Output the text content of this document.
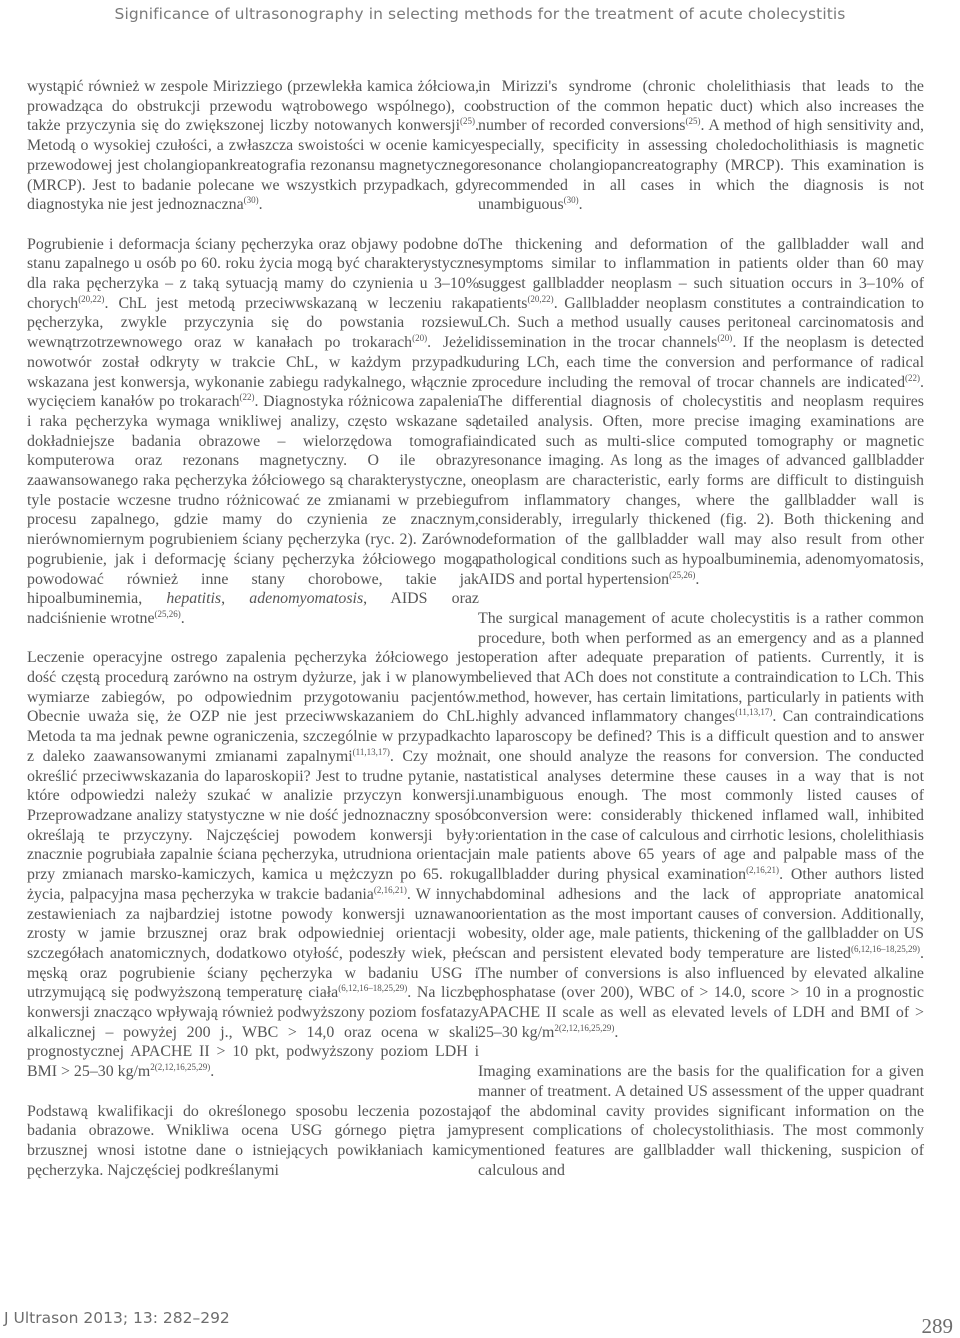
Significance of ultrasonography in selecting methods for the treatment of acute cholecystitis

wystąpić również w zespole Mirizziego (przewlekła kamica żółciowa, prowadząca do obstrukcji przewodu wątrobowego wspólnego), co także przyczynia się do zwiększonej liczby notowanych konwersji$^{(25)}$. Metodą o wysokiej czułości, a zwłaszcza swoistości w ocenie kamicy przewodowej jest cholangiopankreatografia rezonansu magnetycznego (MRCP). Jest to badanie polecane we wszystkich przypadkach, gdy diagnostyka nie jest jednoznaczna$^{(30)}$.

Pogrubienie i deformacja ściany pęcherzyka oraz objawy podobne do stanu zapalnego u osób po 60. roku życia mogą być charakterystyczne dla raka pęcherzyka – z taką sytuacją mamy do czynienia u 3–10% chorych$^{(20,22)}$. ChL jest metodą przeciwwskazaną w leczeniu raka pęcherzyka, zwykle przyczynia się do powstania rozsiewu wewnątrzotrzewnowego oraz w kanałach po trokarach$^{(20)}$. Jeżeli nowotwór został odkryty w trakcie ChL, w każdym przypadku wskazana jest konwersja, wykonanie zabiegu radykalnego, włącznie z wycięciem kanałów po trokarach$^{(22)}$. Diagnostyka różnicowa zapalenia i raka pęcherzyka wymaga wnikliwej analizy, często wskazane są dokładniejsze badania obrazowe – wielorzędowa tomografia komputerowa oraz rezonans magnetyczny. O ile obrazy zaawansowanego raka pęcherzyka żółciowego są charakterystyczne, o tyle postacie wczesne trudno różnicować ze zmianami w przebiegu procesu zapalnego, gdzie mamy do czynienia ze znacznym, nierównomiernym pogrubieniem ściany pęcherzyka (ryc. 2). Zarówno pogrubienie, jak i deformację ściany pęcherzyka żółciowego mogą powodować również inne stany chorobowe, takie jak hipoalbuminemia, hepatitis, adenomyomatosis, AIDS oraz nadciśnienie wrotne$^{(25,26)}$.

Leczenie operacyjne ostrego zapalenia pęcherzyka żółciowego jest dość częstą procedurą zarówno na ostrym dyżurze, jak i w planowym wymiarze zabiegów, po odpowiednim przygotowaniu pacjentów. Obecnie uważa się, że OZP nie jest przeciwwskazaniem do ChL. Metoda ta ma jednak pewne ograniczenia, szczególnie w przypadkach z daleko zaawansowanymi zmianami zapalnymi$^{(11,13,17)}$. Czy można określić przeciwwskazania do laparoskopii? Jest to trudne pytanie, na które odpowiedzi należy szukać w analizie przyczyn konwersji. Przeprowadzane analizy statystyczne w nie dość jednoznaczny sposób określają te przyczyny. Najczęściej powodem konwersji były: znacznie pogrubiała zapalnie ściana pęcherzyka, utrudniona orientacja przy zmianach marsko-kamiczych, kamica u mężczyzn po 65. roku życia, palpacyjna masa pęcherzyka w trakcie badania$^{(2,16,21)}$. W innych zestawieniach za najbardziej istotne powody konwersji uznawano zrosty w jamie brzusznej oraz brak odpowiedniej orientacji w szczegółach anatomicznych, dodatkowo otyłość, podeszły wiek, płeć męską oraz pogrubienie ściany pęcherzyka w badaniu USG i utrzymującą się podwyższoną temperaturę ciała$^{(6,12,16-18,25,29)}$. Na liczbę konwersji znacząco wpływają również podwyższony poziom fosfatazy alkalicznej – powyżej 200 j., WBC > 14,0 oraz ocena w skali prognostycznej APACHE II > 10 pkt, podwyższony poziom LDH i BMI > 25–30 $kg/m^{2(2,12,16,25,29)}$.

Podstawą kwalifikacji do określonego sposobu leczenia pozostają badania obrazowe. Wnikliwa ocena USG górnego piętra jamy brzusznej wnosi istotne dane o istniejących powikłaniach kamicy pęcherzyka. Najczęściej podkreślanymi

in Mirizzi's syndrome (chronic cholelithiasis that leads to the obstruction of the common hepatic duct) which also increases the number of recorded conversions$^{(25)}$. A method of high sensitivity and, especially, specificity in assessing choledocholithiasis is magnetic resonance cholangiopancreatography (MRCP). This examination is recommended in all cases in which the diagnosis is not unambiguous$^{(30)}$.

The thickening and deformation of the gallbladder wall and symptoms similar to inflammation in patients older than 60 may suggest gallbladder neoplasm – such situation occurs in 3–10% of patients$^{(20,22)}$. Gallbladder neoplasm constitutes a contraindication to LCh. Such a method usually causes peritoneal carcinomatosis and dissemination in the trocar channels$^{(20)}$. If the neoplasm is detected during LCh, each time the conversion and performance of radical procedure including the removal of trocar channels are indicated$^{(22)}$. The differential diagnosis of cholecystitis and neoplasm requires detailed analysis. Often, more precise imaging examinations are indicated such as multi-slice computed tomography or magnetic resonance imaging. As long as the images of advanced gallbladder neoplasm are characteristic, early forms are difficult to distinguish from inflammatory changes, where the gallbladder wall is considerably, irregularly thickened (fig. 2). Both thickening and deformation of the gallbladder wall may also result from other pathological conditions such as hypoalbuminemia, adenomyomatosis, AIDS and portal hypertension$^{(25,26)}$.

The surgical management of acute cholecystitis is a rather common procedure, both when performed as an emergency and as a planned operation after adequate preparation of patients. Currently, it is believed that ACh does not constitute a contraindication to LCh. This method, however, has certain limitations, particularly in patients with highly advanced inflammatory changes$^{(11,13,17)}$. Can contraindications to laparoscopy be defined? This is a difficult question and to answer it, one should analyze the reasons for conversion. The conducted statistical analyses determine these causes in a way that is not unambiguous enough. The most commonly listed causes of conversion were: considerably thickened inflamed wall, inhibited orientation in the case of calculous and cirrhotic lesions, cholelithiasis in male patients above 65 years of age and palpable mass of the gallbladder during physical examination$^{(2,16,21)}$. Other authors listed abdominal adhesions and the lack of appropriate anatomical orientation as the most important causes of conversion. Additionally, obesity, older age, male patients, thickening of the gallbladder on US scan and persistent elevated body temperature are listed$^{(6,12,16-18,25,29)}$. The number of conversions is also influenced by elevated alkaline phosphatase (over 200), WBC of > 14.0, score > 10 in a prognostic APACHE II scale as well as elevated levels of LDH and BMI of > 25–30 $kg/m^{2(2,12,16,25,29)}$.

Imaging examinations are the basis for the qualification for a given manner of treatment. A detained US assessment of the upper quadrant of the abdominal cavity provides significant information on the present complications of cholecystolithiasis. The most commonly mentioned features are gallbladder wall thickening, suspicion of calculous and

J Ultrason 2013; 13: 282–292	289
